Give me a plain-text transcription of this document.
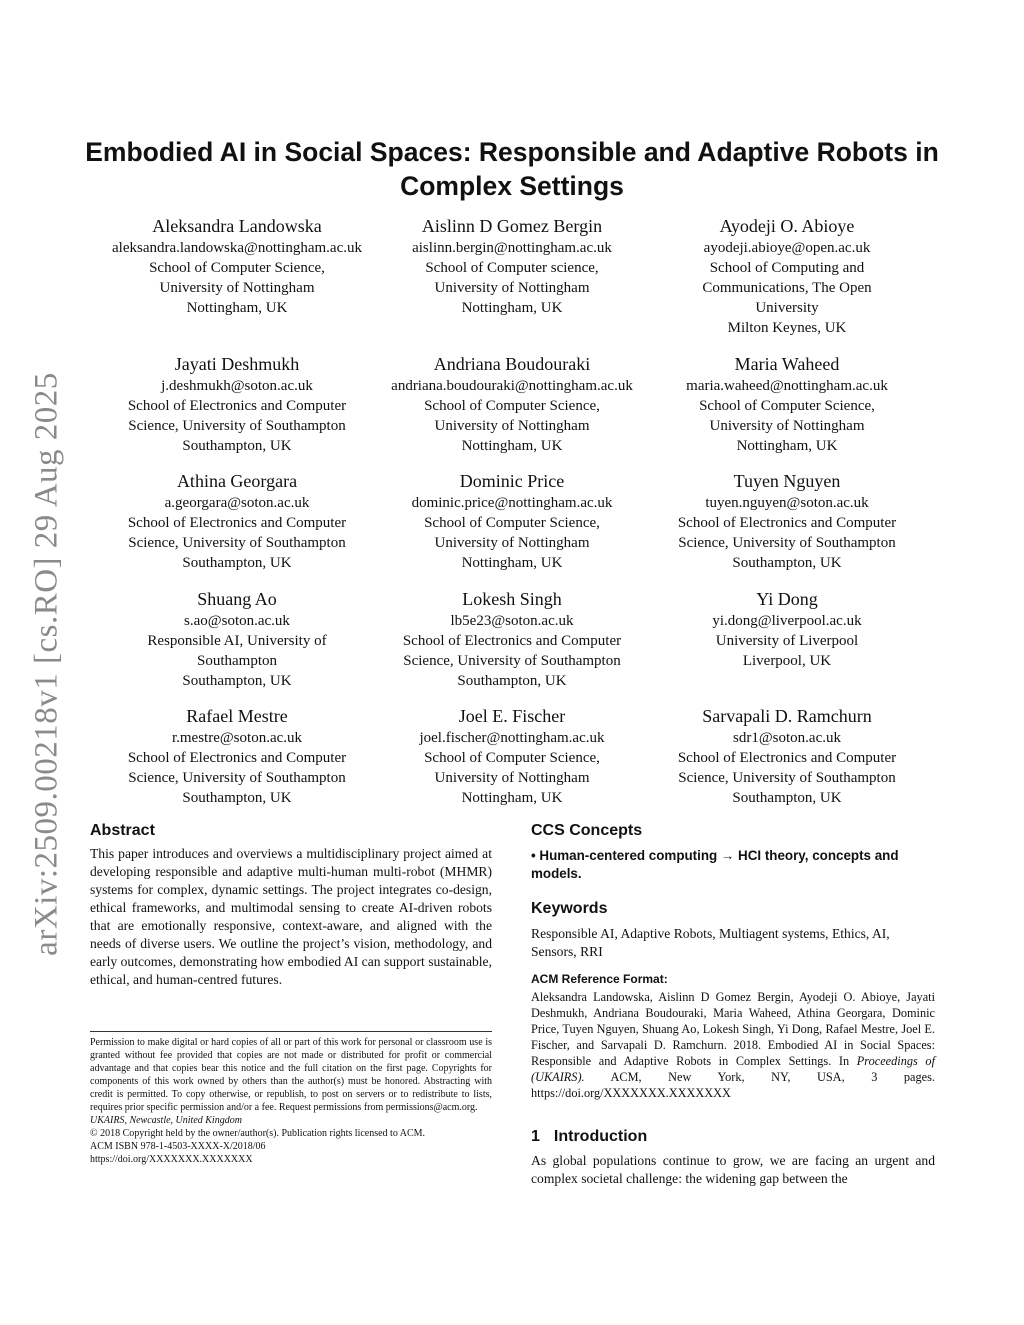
arXiv:2509.00218v1 [cs.RO] 29 Aug 2025
Embodied AI in Social Spaces: Responsible and Adaptive Robots in Complex Settings
Aleksandra Landowska
aleksandra.landowska@nottingham.ac.uk
School of Computer Science,
University of Nottingham
Nottingham, UK
Aislinn D Gomez Bergin
aislinn.bergin@nottingham.ac.uk
School of Computer science,
University of Nottingham
Nottingham, UK
Ayodeji O. Abioye
ayodeji.abioye@open.ac.uk
School of Computing and
Communications, The Open
University
Milton Keynes, UK
Jayati Deshmukh
j.deshmukh@soton.ac.uk
School of Electronics and Computer
Science, University of Southampton
Southampton, UK
Andriana Boudouraki
andriana.boudouraki@nottingham.ac.uk
School of Computer Science,
University of Nottingham
Nottingham, UK
Maria Waheed
maria.waheed@nottingham.ac.uk
School of Computer Science,
University of Nottingham
Nottingham, UK
Athina Georgara
a.georgara@soton.ac.uk
School of Electronics and Computer
Science, University of Southampton
Southampton, UK
Dominic Price
dominic.price@nottingham.ac.uk
School of Computer Science,
University of Nottingham
Nottingham, UK
Tuyen Nguyen
tuyen.nguyen@soton.ac.uk
School of Electronics and Computer
Science, University of Southampton
Southampton, UK
Shuang Ao
s.ao@soton.ac.uk
Responsible AI, University of
Southampton
Southampton, UK
Lokesh Singh
lb5e23@soton.ac.uk
School of Electronics and Computer
Science, University of Southampton
Southampton, UK
Yi Dong
yi.dong@liverpool.ac.uk
University of Liverpool
Liverpool, UK
Rafael Mestre
r.mestre@soton.ac.uk
School of Electronics and Computer
Science, University of Southampton
Southampton, UK
Joel E. Fischer
joel.fischer@nottingham.ac.uk
School of Computer Science,
University of Nottingham
Nottingham, UK
Sarvapali D. Ramchurn
sdr1@soton.ac.uk
School of Electronics and Computer
Science, University of Southampton
Southampton, UK
Abstract

This paper introduces and overviews a multidisciplinary project aimed at developing responsible and adaptive multi-human multi-robot (MHMR) systems for complex, dynamic settings. The project integrates co-design, ethical frameworks, and multimodal sensing to create AI-driven robots that are emotionally responsive, context-aware, and aligned with the needs of diverse users. We outline the project’s vision, methodology, and early outcomes, demonstrating how embodied AI can support sustainable, ethical, and human-centred futures.

Permission to make digital or hard copies of all or part of this work for personal or classroom use is granted without fee provided that copies are not made or distributed for profit or commercial advantage and that copies bear this notice and the full citation on the first page. Copyrights for components of this work owned by others than the author(s) must be honored. Abstracting with credit is permitted. To copy otherwise, or republish, to post on servers or to redistribute to lists, requires prior specific permission and/or a fee. Request permissions from permissions@acm.org.

UKAIRS, Newcastle, United Kingdom

© 2018 Copyright held by the owner/author(s). Publication rights licensed to ACM.

ACM ISBN 978-1-4503-XXXX-X/2018/06

https://doi.org/XXXXXXX.XXXXXXX

CCS Concepts

• Human-centered computing → HCI theory, concepts and models.

Keywords

Responsible AI, Adaptive Robots, Multiagent systems, Ethics, AI, Sensors, RRI

ACM Reference Format:

Aleksandra Landowska, Aislinn D Gomez Bergin, Ayodeji O. Abioye, Jayati Deshmukh, Andriana Boudouraki, Maria Waheed, Athina Georgara, Dominic Price, Tuyen Nguyen, Shuang Ao, Lokesh Singh, Yi Dong, Rafael Mestre, Joel E. Fischer, and Sarvapali D. Ramchurn. 2018. Embodied AI in Social Spaces: Responsible and Adaptive Robots in Complex Settings. In Proceedings of (UKAIRS). ACM, New York, NY, USA, 3 pages. https://doi.org/XXXXXXX.XXXXXXX

1 Introduction

As global populations continue to grow, we are facing an urgent and complex societal challenge: the widening gap between the
